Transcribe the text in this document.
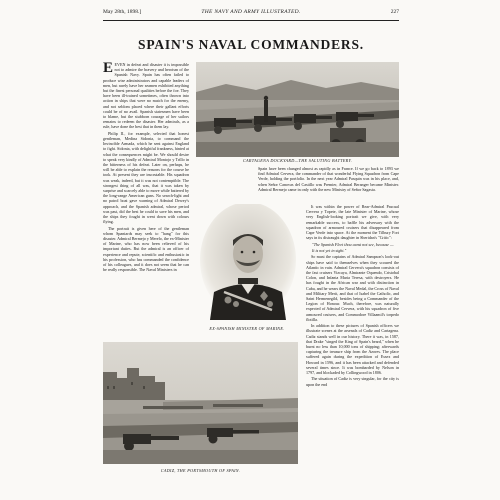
May 28th, 1898.]	THE NAVY AND ARMY ILLUSTRATED.	227
SPAIN'S NAVAL COMMANDERS.

EEVEN in defeat and disaster it is impossible not to admire the bravery and heroism of the Spanish Navy. Spain has often failed to produce wise administrators and capable leaders of men, but rarely have her seamen exhibited anything but the finest personal qualities before the foe. They have been ill-trained sometimes, often thrown into action in ships that were no match for the enemy, and not seldom placed where their gallant efforts could be of no avail. Spanish statesmen have been to blame, but the stubborn courage of her sailors remains to redeem the disaster. Her admirals, as a rule, have done the best that in them lay.

Philip II., for example, selected that honest gentleman, Medina Sidonia, to command the Invincible Armada, which he sent against England to fight. Sidonia, with delightful frankness, hinted at what the consequences might be. We should desire to speak very kindly of Admiral Montojo y Trillo in the bitterness of his defeat. Later on, perhaps, he will be able to explain the reasons for the course he took. At present they are inscrutable. His squadron was weak, indeed, but it was not contemptible. The strongest thing of all was, that it was taken by surprise and scarcely able to move while battered by the long-range American guns. No search-light and no patrol boat gave warning of Admiral Dewey's approach, and the Spanish admiral, whose period was past, did the best he could to save his men, and the ships they fought in went down with colours flying.

The portrait is given here of the gentleman whom Spaniards may seek to "hang" for this disaster. Admiral Bermejo y Merelo, the ex-Minister of Marine, who has now been relieved of his important duties. But the admiral is an officer of experience and repute, scientific and enthusiastic in his profession, who has commanded the confidence of his colleagues, and it does not seem that he can be really responsible. The Naval Ministers in

CARTAGENA DOCKYARD—THE SALUTING BATTERY.

Spain have been changed almost as rapidly as in France. If we go back to 1893 we find Admiral Cervera, the commander of that wonderful Flying Squadron from Cape Verde, holding the portfolio. In the next year Admiral Pasquin was in his place, and, when Señor Canovas del Castillo was Premier, Admiral Beranger became Minister. Admiral Bermejo came in only with the new Ministry of Señor Sagasta.

EX-SPANISH MINISTER OF MARINE.

It was within the power of Rear-Admiral Pascual Cervera y Topete, the late Minister of Marine, whose very English-looking portrait we give, with very remarkable success, to baffle his adversary with the squadron of armoured cruisers that disappeared from Cape Verde into space. At the moment the Tilbury Fort says in its distraught daughter in Sheridan's "Critic":

"The Spanish Fleet thou canst not see, because —

It is not yet in sight."

So must the captains of Admiral Sampson's look-out ships have said to themselves when they scoured the Atlantic in vain. Admiral Cervera's squadron consists of the fast cruisers Vizcaya, Almirante Oquendo, Cristobal Colon, and Infanta Maria Teresa, with destroyers. He has fought in the African war and with distinction in Cuba, and he wears the Naval Medal, the Cross of Naval and Military Merit, and that of Isabel the Catholic, and Saint Hermenegild, besides being a Commander of the Legion of Honour. Much, therefore, was naturally expected of Admiral Cervera, with his squadron of five armoured cruisers, and Commodore Villaamil's torpedo flotilla.

In addition to these pictures of Spanish officers we illustrate scenes at the arsenals of Cadiz and Cartagena. Cadiz stands well in our history. There it was, in 1587, that Drake "singed the King of Spain's beard," when he burnt no less than 10,000 tons of shipping; afterwards capturing the treasure ship from the Azores. The place suffered again during the expedition of Essex and Howard in 1596, and it has been attacked and defended several times since. It was bombarded by Nelson in 1797, and blockaded by Collingwood in 1806.

The situation of Cadiz is very singular, for the city is upon the end

CADIZ, THE PORTSMOUTH OF SPAIN.
